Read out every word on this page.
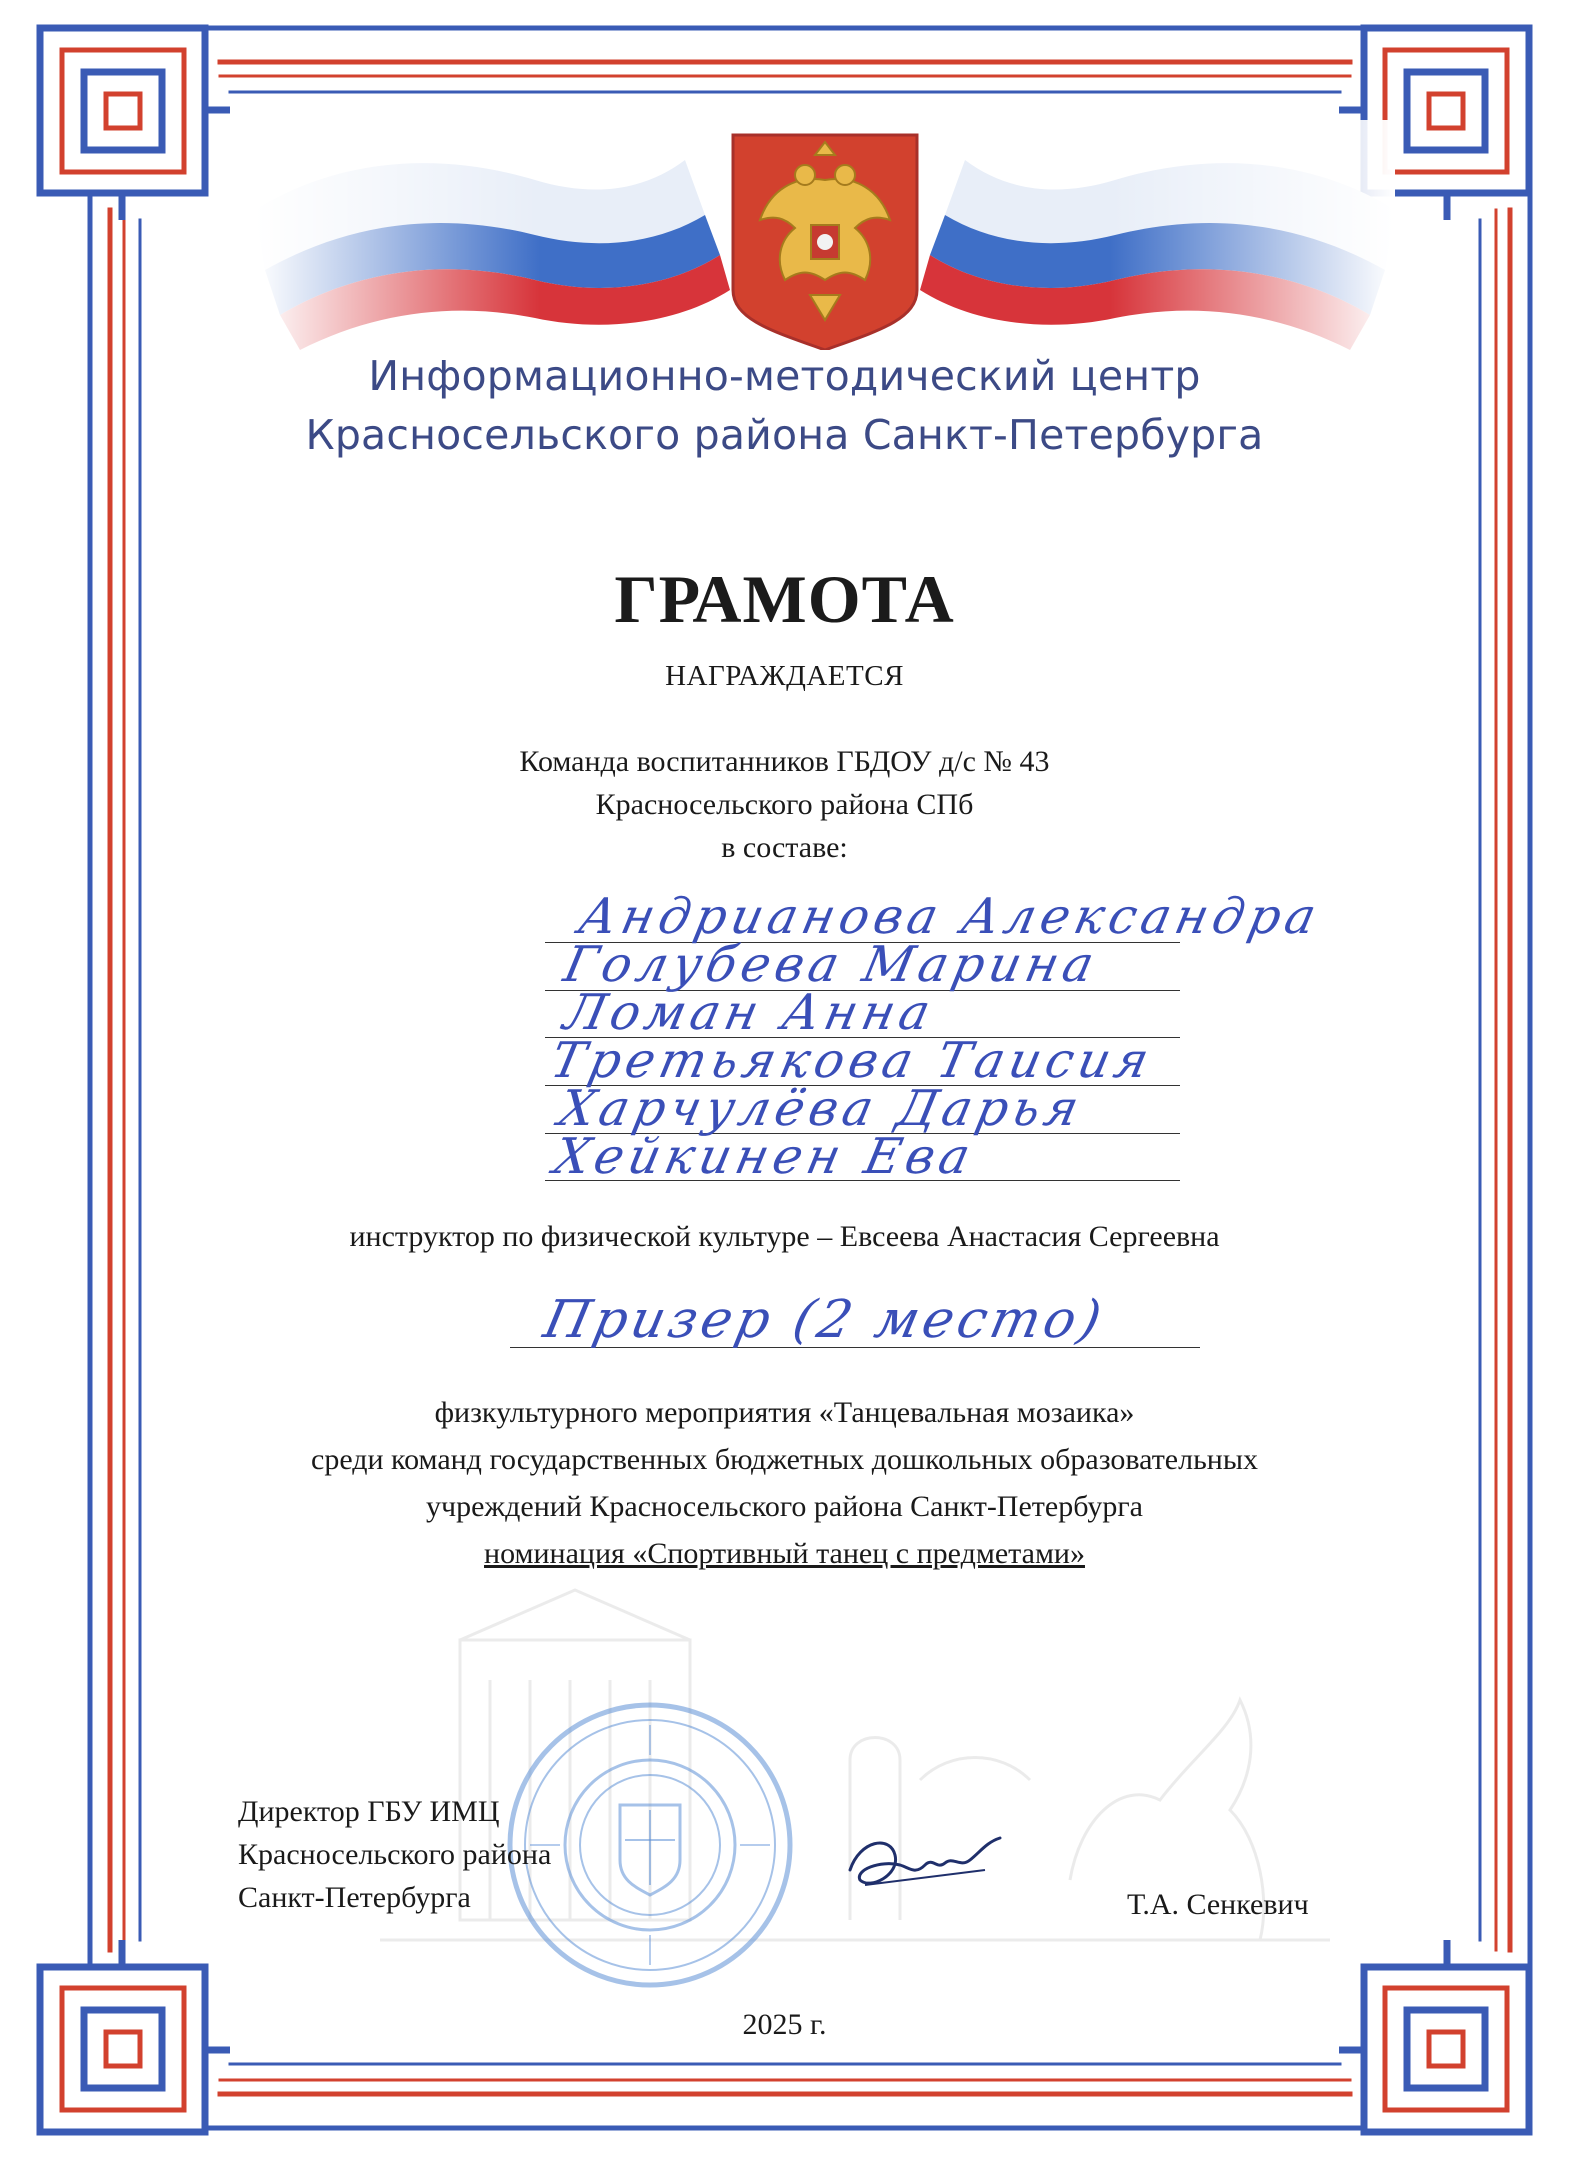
Информационно-методический центр
Красносельского района Санкт-Петербурга
ГРАМОТА
НАГРАЖДАЕТСЯ
Команда воспитанников ГБДОУ д/с № 43
Красносельского района СПб
в составе:
Андрианова Александра
Голубева Марина
Ломан Анна
Третьякова Таисия
Харчулёва Дарья
Хейкинен Ева
инструктор по физической культуре – Евсеева Анастасия Сергеевна
Призер (2 место)
физкультурного мероприятия «Танцевальная мозаика»
среди команд государственных бюджетных дошкольных образовательных
учреждений Красносельского района Санкт-Петербурга
номинация «Спортивный танец с предметами»
Директор ГБУ ИМЦ
Красносельского района
Санкт-Петербурга	Т.А. Сенкевич
2025 г.
